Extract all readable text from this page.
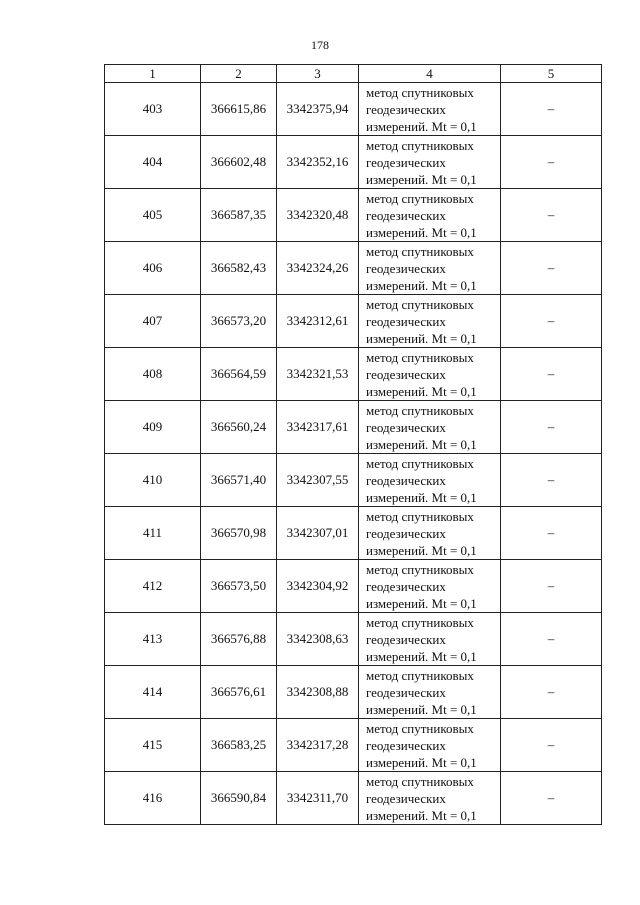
178
1	2	3	4	5
403	366615,86	3342375,94	метод спутниковых
геодезических
измерений. Mt = 0,1	–
404	366602,48	3342352,16	метод спутниковых
геодезических
измерений. Mt = 0,1	–
405	366587,35	3342320,48	метод спутниковых
геодезических
измерений. Mt = 0,1	–
406	366582,43	3342324,26	метод спутниковых
геодезических
измерений. Mt = 0,1	–
407	366573,20	3342312,61	метод спутниковых
геодезических
измерений. Mt = 0,1	–
408	366564,59	3342321,53	метод спутниковых
геодезических
измерений. Mt = 0,1	–
409	366560,24	3342317,61	метод спутниковых
геодезических
измерений. Mt = 0,1	–
410	366571,40	3342307,55	метод спутниковых
геодезических
измерений. Mt = 0,1	–
411	366570,98	3342307,01	метод спутниковых
геодезических
измерений. Mt = 0,1	–
412	366573,50	3342304,92	метод спутниковых
геодезических
измерений. Mt = 0,1	–
413	366576,88	3342308,63	метод спутниковых
геодезических
измерений. Mt = 0,1	–
414	366576,61	3342308,88	метод спутниковых
геодезических
измерений. Mt = 0,1	–
415	366583,25	3342317,28	метод спутниковых
геодезических
измерений. Mt = 0,1	–
416	366590,84	3342311,70	метод спутниковых
геодезических
измерений. Mt = 0,1	–
